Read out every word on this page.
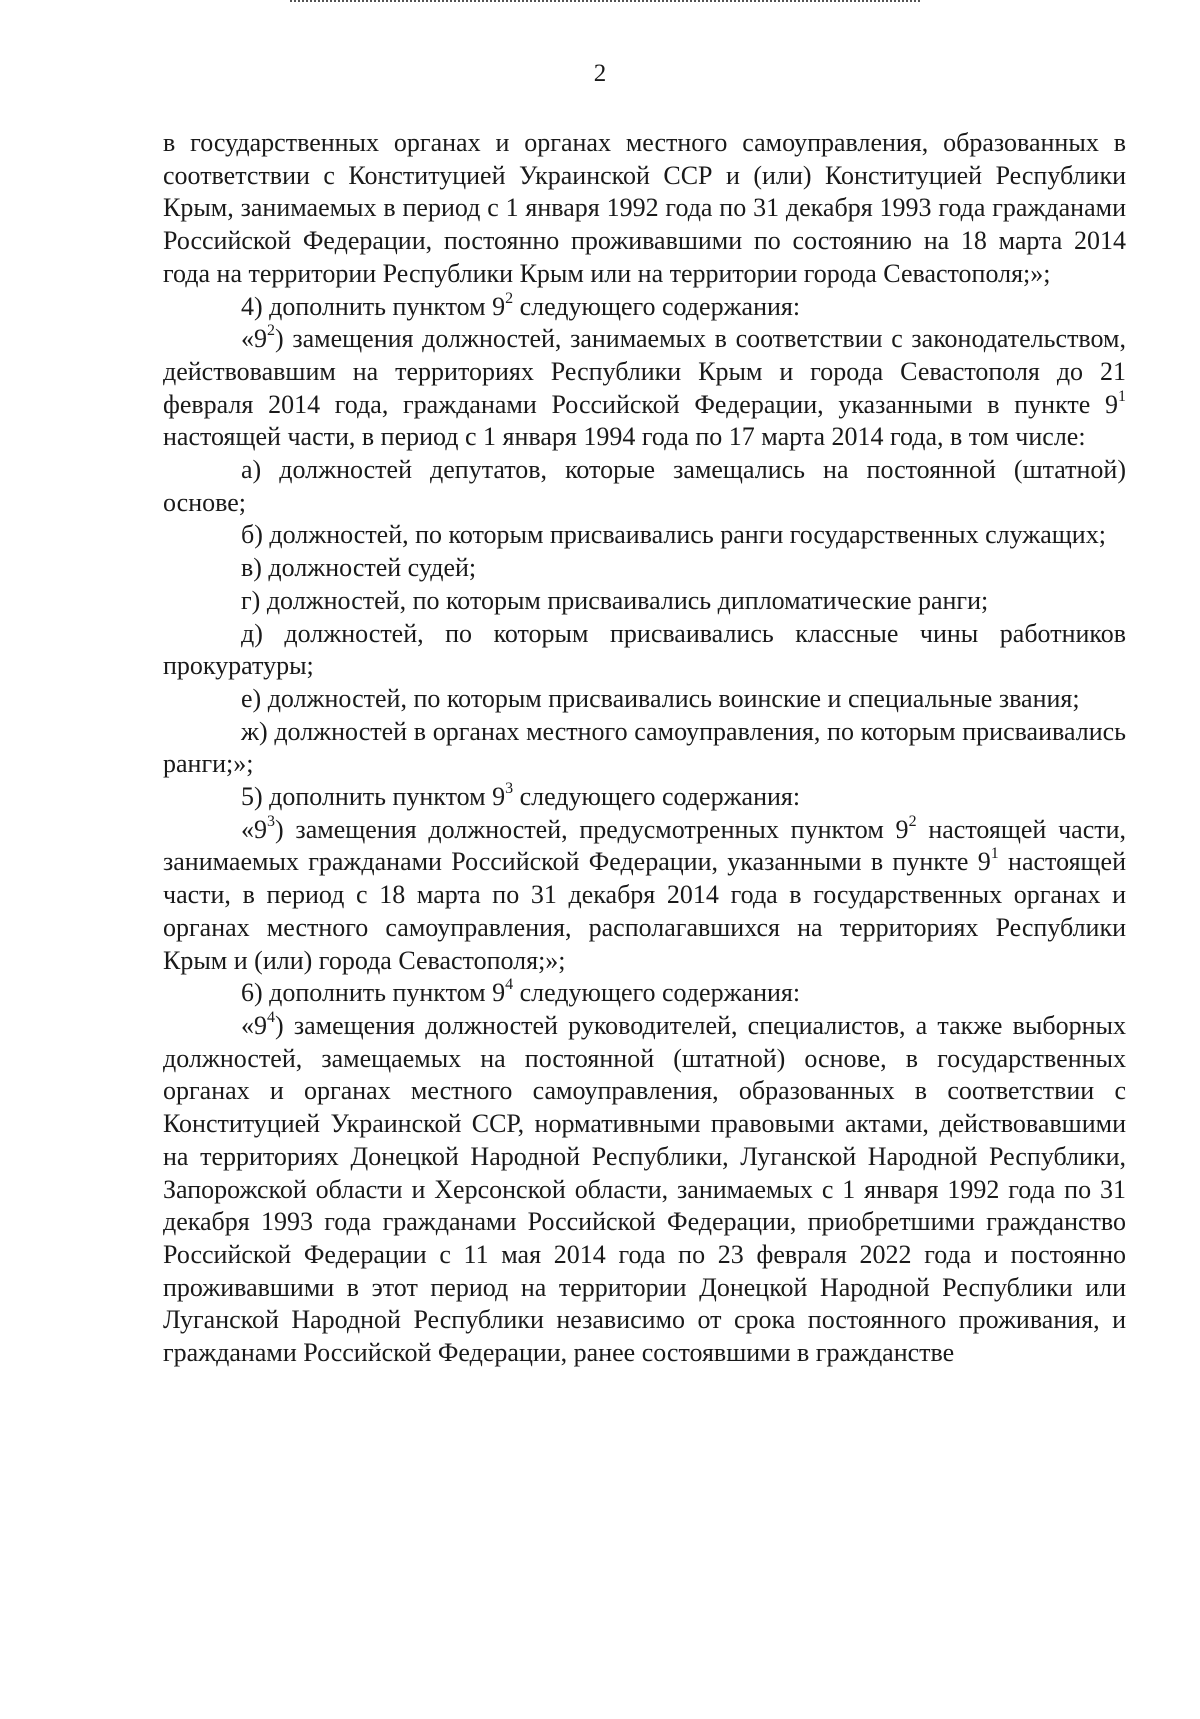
2

в государственных органах и органах местного самоуправления, образованных в соответствии с Конституцией Украинской ССР и (или) Конституцией Республики Крым, занимаемых в период с 1 января 1992 года по 31 декабря 1993 года гражданами Российской Федерации, постоянно проживавшими по состоянию на 18 марта 2014 года на территории Республики Крым или на территории города Севастополя;»;

4) дополнить пунктом $9^2$ следующего содержания:

«$9^2$) замещения должностей, занимаемых в соответствии с законодательством, действовавшим на территориях Республики Крым и города Севастополя до 21 февраля 2014 года, гражданами Российской Федерации, указанными в пункте $9^1$ настоящей части, в период с 1 января 1994 года по 17 марта 2014 года, в том числе:

а) должностей депутатов, которые замещались на постоянной (штатной) основе;

б) должностей, по которым присваивались ранги государственных служащих;

в) должностей судей;

г) должностей, по которым присваивались дипломатические ранги;

д) должностей, по которым присваивались классные чины работников прокуратуры;

е) должностей, по которым присваивались воинские и специальные звания;

ж) должностей в органах местного самоуправления, по которым присваивались ранги;»;

5) дополнить пунктом $9^3$ следующего содержания:

«$9^3$) замещения должностей, предусмотренных пунктом $9^2$ настоящей части, занимаемых гражданами Российской Федерации, указанными в пункте $9^1$ настоящей части, в период с 18 марта по 31 декабря 2014 года в государственных органах и органах местного самоуправления, располагавшихся на территориях Республики Крым и (или) города Севастополя;»;

6) дополнить пунктом $9^4$ следующего содержания:

«$9^4$) замещения должностей руководителей, специалистов, а также выборных должностей, замещаемых на постоянной (штатной) основе, в государственных органах и органах местного самоуправления, образованных в соответствии с Конституцией Украинской ССР, нормативными правовыми актами, действовавшими на территориях Донецкой Народной Республики, Луганской Народной Республики, Запорожской области и Херсонской области, занимаемых с 1 января 1992 года по 31 декабря 1993 года гражданами Российской Федерации, приобретшими гражданство Российской Федерации с 11 мая 2014 года по 23 февраля 2022 года и постоянно проживавшими в этот период на территории Донецкой Народной Республики или Луганской Народной Республики независимо от срока постоянного проживания, и гражданами Российской Федерации, ранее состоявшими в гражданстве
